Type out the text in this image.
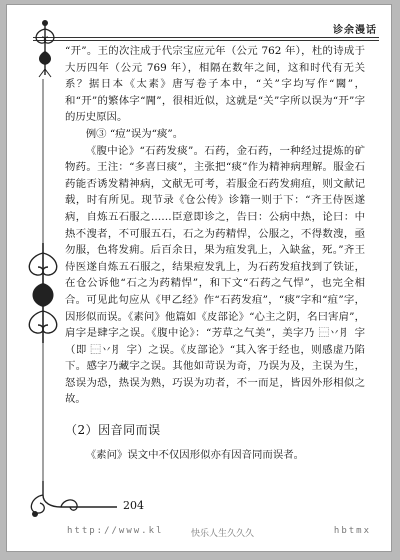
诊余漫话

“开”。王的次注成于代宗宝应元年（公元 762 年），杜的诗成于大历四年（公元 769 年），相隔在数年之间，这和时代有无关系？据日本《太素》唐写卷子本中，“关”字均写作“闗”，和“开”的繁体字“闁”，很相近似，这就是“关”字所以误为“开”字的历史原因。

例③ “痘”误为“痰”。

《腹中论》“石药发痰”。石药，金石药，一种经过提炼的矿物药。王注：“多喜曰痰”，主张把“痰”作为精神病理解。服金石药能否诱发精神病，文献无可考，若服金石药发痈疽，则文献记载，时有所见。现节录《仓公传》诊籍一则于下：“齐王侍医遂病，自炼五石服之……臣意即诊之，告曰：公病中热，论曰：中热不溲者，不可服五石，石之为药精悍，公服之，不得数溲，亟勿服，色将发痈。后百余日，果为疽发乳上，入缺盆，死。”齐王侍医遂自炼五石服之，结果痘发乳上，为石药发疽找到了铁证，在仓公诉他“石之为药精悍”，和下文“石药之气悍”，也完全相合。可见此句应从《甲乙经》作“石药发疽”，“痰”字和“疽”字，因形似而误。《素问》他篇如《皮部论》“心主之阴，名曰害肩”，肩字是肆字之误。《腹中论》：“芳草之气美”，美字乃 ⿱丷⺼ 字（即 ⿱丷⺼ 字）之误。《皮部论》“其入客于经也，则感虚乃陷下。感字乃藏字之误。其他如苛误为奇，乃误为及，主误为生，怒误为恐，热误为熟，巧误为功者，不一而足，皆因外形相似之故。

（2）因音同而误

《素问》误文中不仅因形似亦有因音同而误者。

204
http://www.kl	快乐人生久久久	hbtmx
